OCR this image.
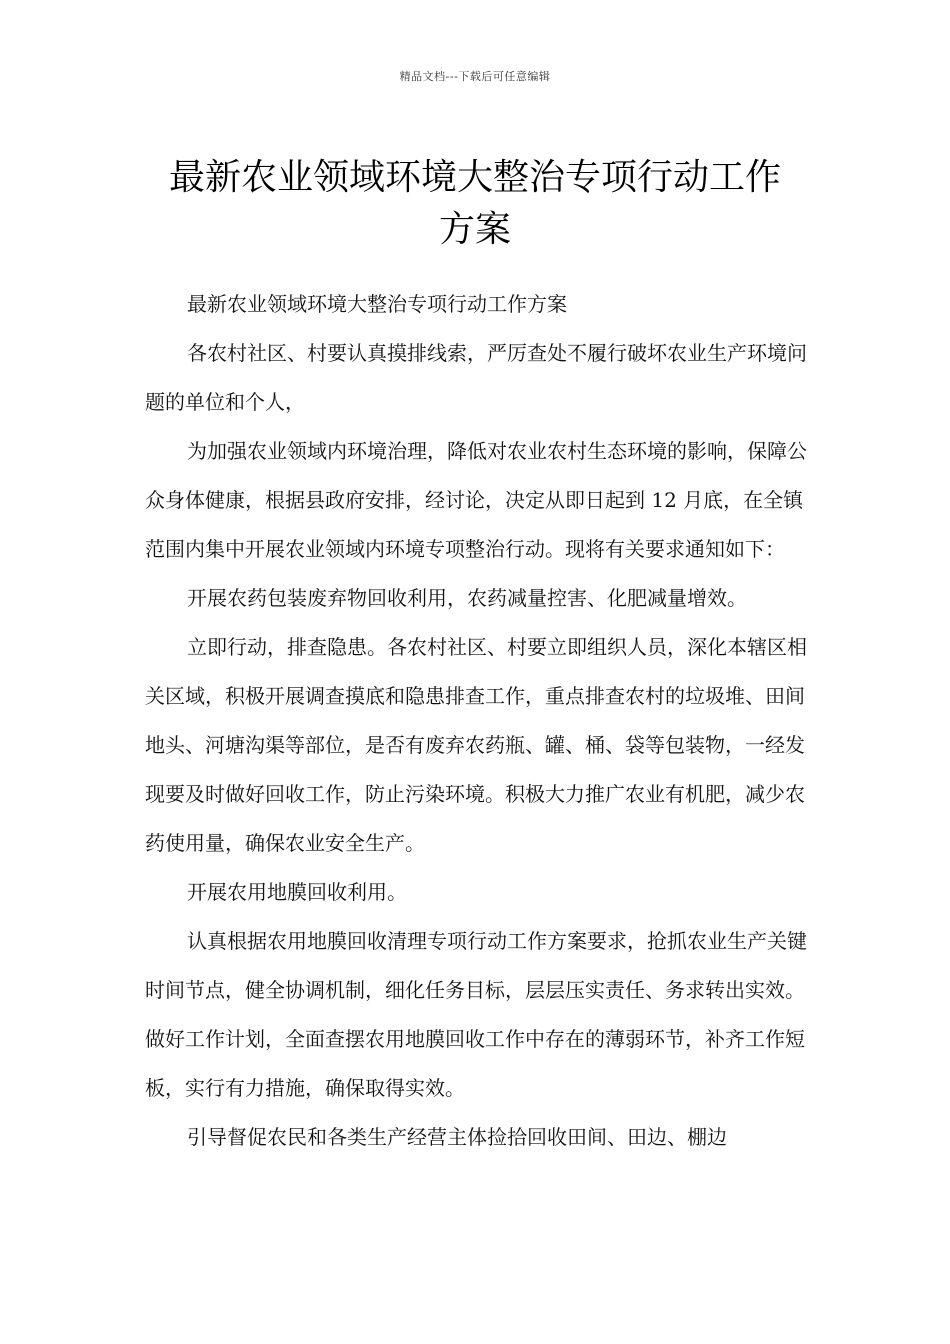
精品文档---下载后可任意编辑
最新农业领域环境大整治专项行动工作
方案

最新农业领域环境大整治专项行动工作方案

各农村社区、村要认真摸排线索，严厉查处不履行破坏农业生产环境问题的单位和个人，

为加强农业领域内环境治理，降低对农业农村生态环境的影响，保障公众身体健康，根据县政府安排，经讨论，决定从即日起到 12 月底，在全镇范围内集中开展农业领域内环境专项整治行动。现将有关要求通知如下：

开展农药包装废弃物回收利用，农药减量控害、化肥减量增效。

立即行动，排查隐患。各农村社区、村要立即组织人员，深化本辖区相关区域，积极开展调查摸底和隐患排查工作，重点排查农村的垃圾堆、田间地头、河塘沟渠等部位，是否有废弃农药瓶、罐、桶、袋等包装物，一经发现要及时做好回收工作，防止污染环境。积极大力推广农业有机肥，减少农药使用量，确保农业安全生产。

开展农用地膜回收利用。

认真根据农用地膜回收清理专项行动工作方案要求，抢抓农业生产关键时间节点，健全协调机制，细化任务目标，层层压实责任、务求转出实效。做好工作计划，全面查摆农用地膜回收工作中存在的薄弱环节，补齐工作短板，实行有力措施，确保取得实效。

引导督促农民和各类生产经营主体捡拾回收田间、田边、棚边
